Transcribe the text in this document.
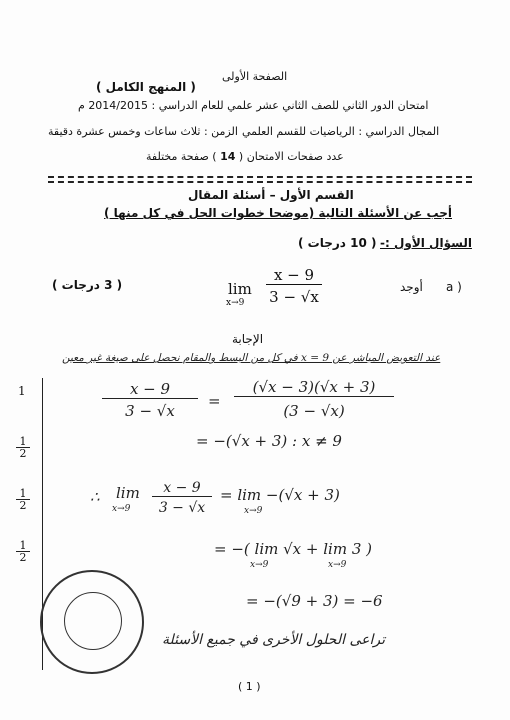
الصفحة الأولى
( المنهج الكامل )
امتحان الدور الثاني للصف الثاني عشر علمي للعام الدراسي : 2014/2015 م
المجال الدراسي : الرياضيات للقسم العلمي
الزمن : ثلاث ساعات وخمس عشرة دقيقة
عدد صفحات الامتحان ( 14 ) صفحة مختلفة
القسم الأول – أسئلة المقال
أجب عن الأسئلة التالية (موضحا خطوات الحل في كل منها )
السؤال الأول :-
( 10 درجات )
( 3 درجات )	a )
أوجد
lim
x→9
x − 9
3 − √x
الإجابة
عند التعويض المباشر عن x = 9 في كل من البسط والمقام نحصل على صيغة غير معين
1
$\frac{1}{2}$
$\frac{1}{2}$
$\frac{1}{2}$
x − 9
3 − √x
=
(√x − 3)(√x + 3)
(3 − √x)
= −(√x + 3) : x ≠ 9
∴ lim
x→9
x − 9
3 − √x
= lim −(√x + 3)
x→9
= −( lim √x + lim 3 )
x→9	x→9
= −(√9 + 3) = −6
تراعى الحلول الأخرى في جميع الأسئلة
( 1 )
